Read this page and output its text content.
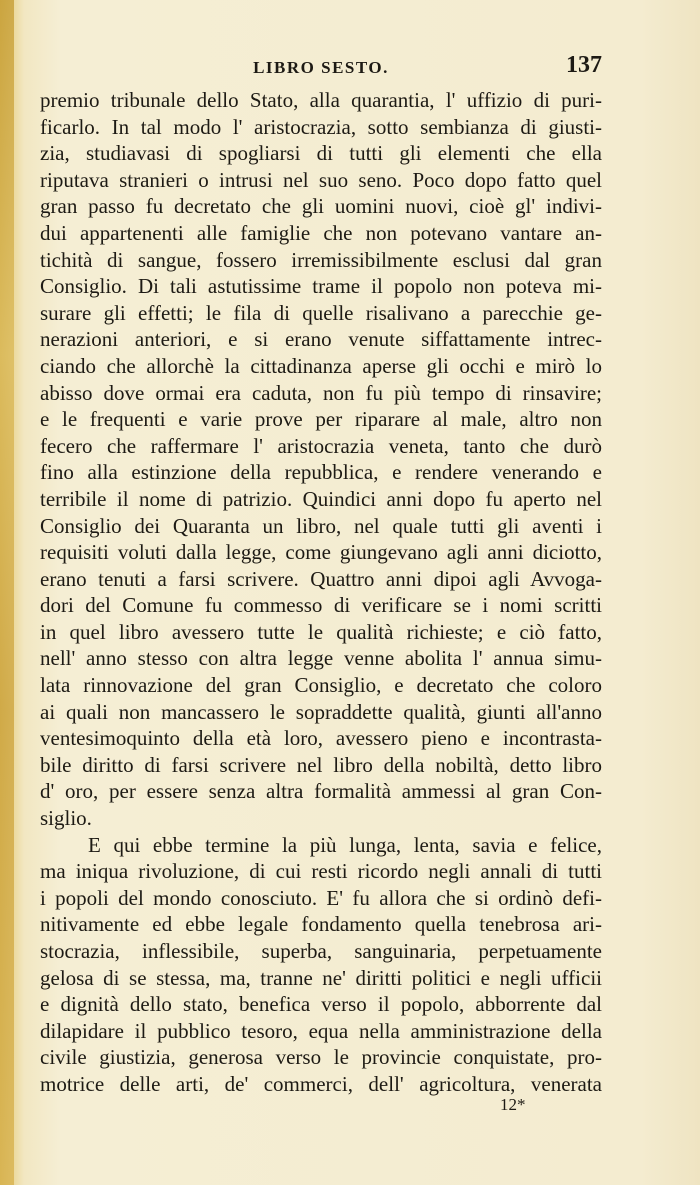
LIBRO SESTO.	137
premio tribunale dello Stato, alla quarantia, l' uffizio di puri-
ficarlo. In tal modo l' aristocrazia, sotto sembianza di giusti-
zia, studiavasi di spogliarsi di tutti gli elementi che ella
riputava stranieri o intrusi nel suo seno. Poco dopo fatto quel
gran passo fu decretato che gli uomini nuovi, cioè gl' indivi-
dui appartenenti alle famiglie che non potevano vantare an-
tichità di sangue, fossero irremissibilmente esclusi dal gran
Consiglio. Di tali astutissime trame il popolo non poteva mi-
surare gli effetti; le fila di quelle risalivano a parecchie ge-
nerazioni anteriori, e si erano venute siffattamente intrec-
ciando che allorchè la cittadinanza aperse gli occhi e mirò lo
abisso dove ormai era caduta, non fu più tempo di rinsavire;
e le frequenti e varie prove per riparare al male, altro non
fecero che raffermare l' aristocrazia veneta, tanto che durò
fino alla estinzione della repubblica, e rendere venerando e
terribile il nome di patrizio. Quindici anni dopo fu aperto nel
Consiglio dei Quaranta un libro, nel quale tutti gli aventi i
requisiti voluti dalla legge, come giungevano agli anni diciotto,
erano tenuti a farsi scrivere. Quattro anni dipoi agli Avvoga-
dori del Comune fu commesso di verificare se i nomi scritti
in quel libro avessero tutte le qualità richieste; e ciò fatto,
nell' anno stesso con altra legge venne abolita l' annua simu-
lata rinnovazione del gran Consiglio, e decretato che coloro
ai quali non mancassero le sopraddette qualità, giunti all'anno
ventesimoquinto della età loro, avessero pieno e incontrasta-
bile diritto di farsi scrivere nel libro della nobiltà, detto libro
d' oro, per essere senza altra formalità ammessi al gran Con-
siglio.
E qui ebbe termine la più lunga, lenta, savia e felice,
ma iniqua rivoluzione, di cui resti ricordo negli annali di tutti
i popoli del mondo conosciuto. E' fu allora che si ordinò defi-
nitivamente ed ebbe legale fondamento quella tenebrosa ari-
stocrazia, inflessibile, superba, sanguinaria, perpetuamente
gelosa di se stessa, ma, tranne ne' diritti politici e negli ufficii
e dignità dello stato, benefica verso il popolo, abborrente dal
dilapidare il pubblico tesoro, equa nella amministrazione della
civile giustizia, generosa verso le provincie conquistate, pro-
motrice delle arti, de' commerci, dell' agricoltura, venerata
12*
